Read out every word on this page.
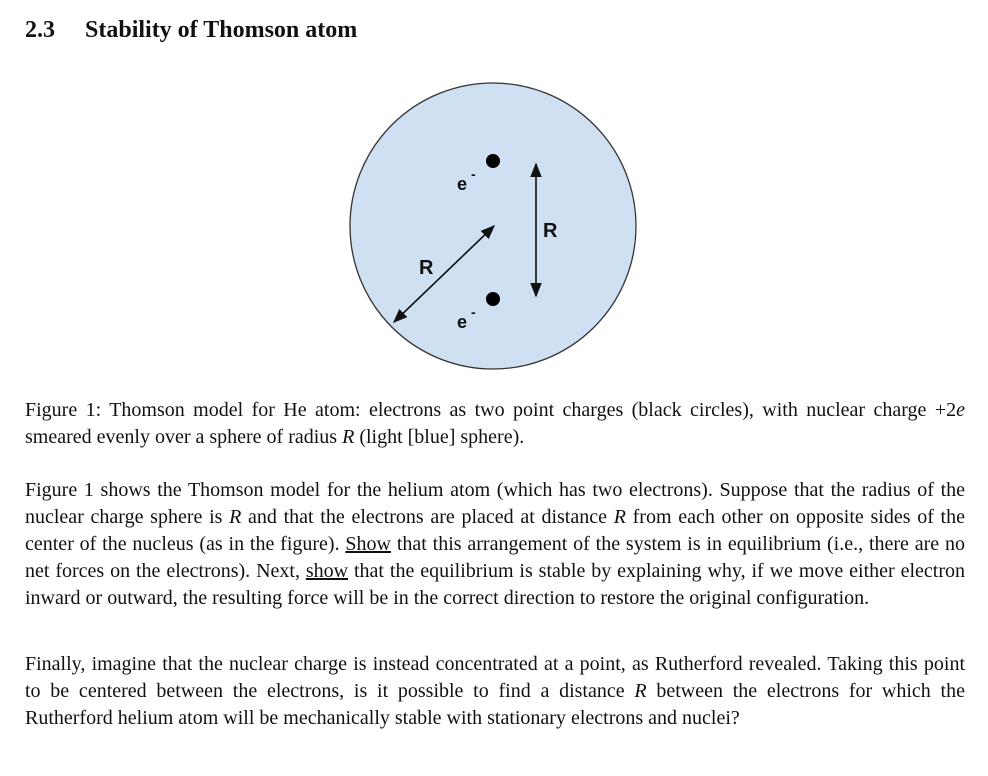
2.3 Stability of Thomson atom
e -
e -
R
R
Figure 1: Thomson model for He atom: electrons as two point charges (black circles), with nuclear charge +2e smeared evenly over a sphere of radius R (light [blue] sphere).
Figure 1 shows the Thomson model for the helium atom (which has two electrons). Suppose that the radius of the nuclear charge sphere is R and that the electrons are placed at distance R from each other on opposite sides of the center of the nucleus (as in the figure). Show that this arrangement of the system is in equilibrium (i.e., there are no net forces on the electrons). Next, show that the equilibrium is stable by explaining why, if we move either electron inward or outward, the resulting force will be in the correct direction to restore the original configuration.
Finally, imagine that the nuclear charge is instead concentrated at a point, as Rutherford revealed. Taking this point to be centered between the electrons, is it possible to find a distance R between the electrons for which the Rutherford helium atom will be mechanically stable with stationary electrons and nuclei?
